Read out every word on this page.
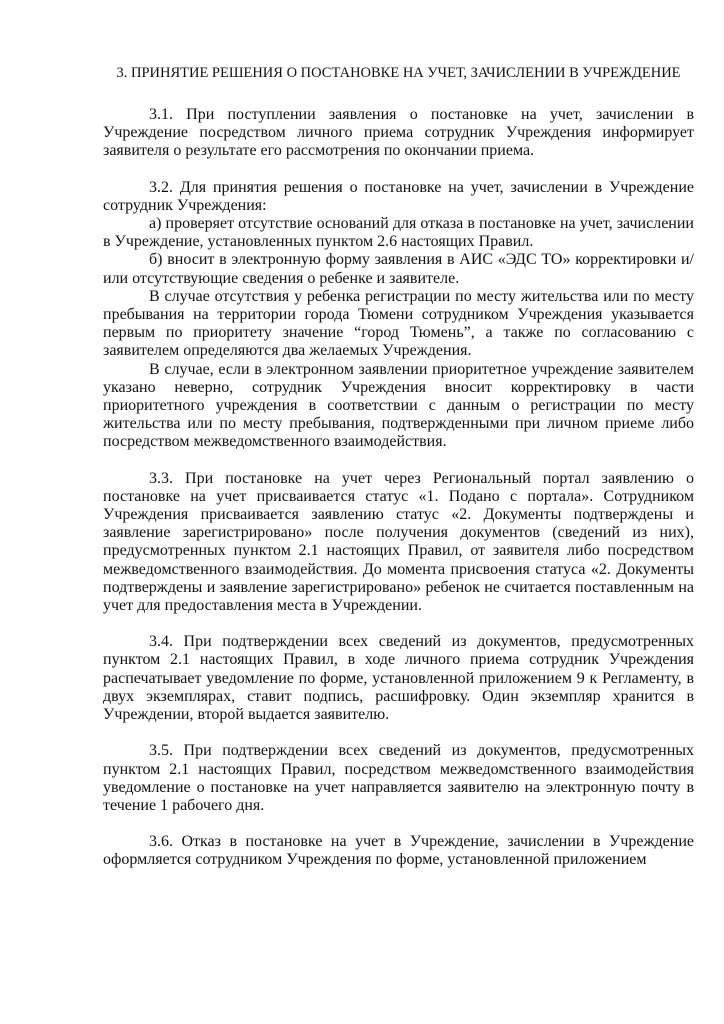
3. ПРИНЯТИЕ РЕШЕНИЯ О ПОСТАНОВКЕ НА УЧЕТ, ЗАЧИСЛЕНИИ В УЧРЕЖДЕНИЕ

3.1. При поступлении заявления о постановке на учет, зачислении в Учреждение посредством личного приема сотрудник Учреждения информирует заявителя о результате его рассмотрения по окончании приема.

3.2. Для принятия решения о постановке на учет, зачислении в Учреждение сотрудник Учреждения:

а) проверяет отсутствие оснований для отказа в постановке на учет, зачислении в Учреждение, установленных пунктом 2.6 настоящих Правил.

б) вносит в электронную форму заявления в АИС «ЭДС ТО» корректировки и/или отсутствующие сведения о ребенке и заявителе.

В случае отсутствия у ребенка регистрации по месту жительства или по месту пребывания на территории города Тюмени сотрудником Учреждения указывается первым по приоритету значение “город Тюмень”, а также по согласованию с заявителем определяются два желаемых Учреждения.

В случае, если в электронном заявлении приоритетное учреждение заявителем указано неверно, сотрудник Учреждения вносит корректировку в части приоритетного учреждения в соответствии с данным о регистрации по месту жительства или по месту пребывания, подтвержденными при личном приеме либо посредством межведомственного взаимодействия.

3.3. При постановке на учет через Региональный портал заявлению о постановке на учет присваивается статус «1. Подано с портала». Сотрудником Учреждения присваивается заявлению статус «2. Документы подтверждены и заявление зарегистрировано» после получения документов (сведений из них), предусмотренных пунктом 2.1 настоящих Правил, от заявителя либо посредством межведомственного взаимодействия. До момента присвоения статуса «2. Документы подтверждены и заявление зарегистрировано» ребенок не считается поставленным на учет для предоставления места в Учреждении.

3.4. При подтверждении всех сведений из документов, предусмотренных пунктом 2.1 настоящих Правил, в ходе личного приема сотрудник Учреждения распечатывает уведомление по форме, установленной приложением 9 к Регламенту, в двух экземплярах, ставит подпись, расшифровку. Один экземпляр хранится в Учреждении, второй выдается заявителю.

3.5. При подтверждении всех сведений из документов, предусмотренных пунктом 2.1 настоящих Правил, посредством межведомственного взаимодействия уведомление о постановке на учет направляется заявителю на электронную почту в течение 1 рабочего дня.

3.6. Отказ в постановке на учет в Учреждение, зачислении в Учреждение оформляется сотрудником Учреждения по форме, установленной приложением
